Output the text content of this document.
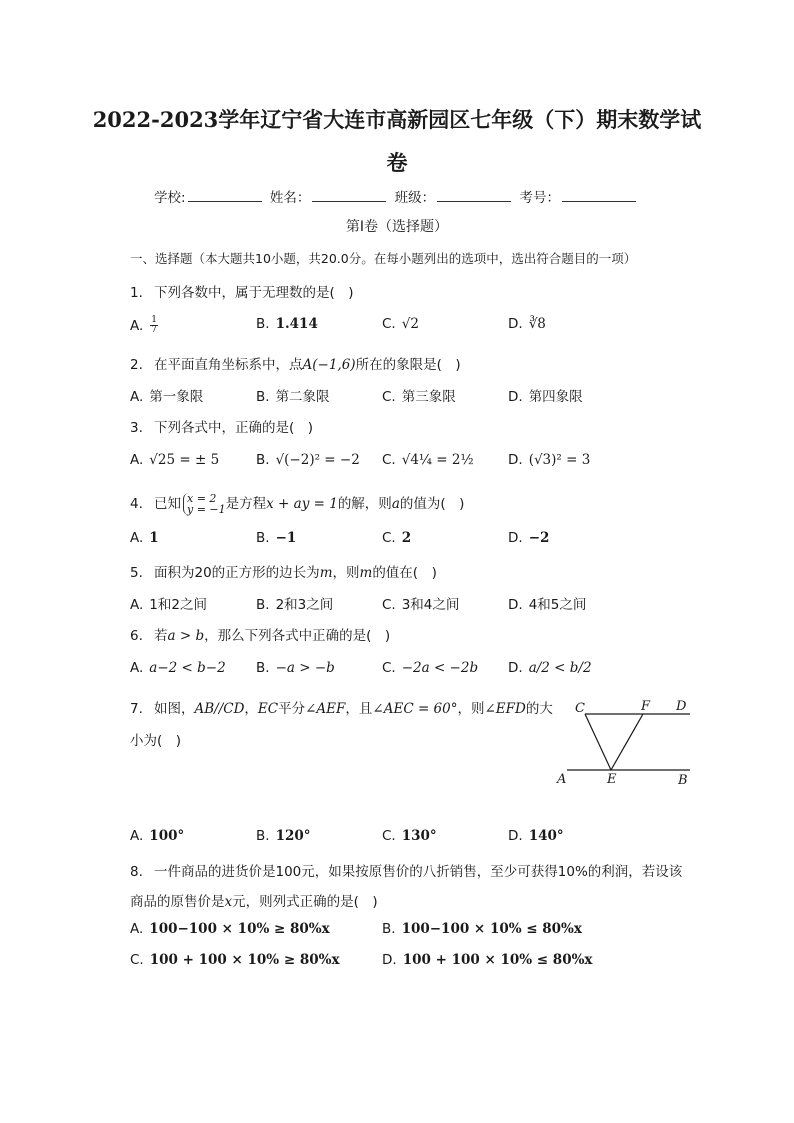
2022-2023学年辽宁省大连市高新园区七年级（下）期末数学试
卷
学校:	姓名：	班级：	考号：
第I卷（选择题）
一、选择题（本大题共10小题，共20.0分。在每小题列出的选项中，选出符合题目的一项）
1. 下列各数中，属于无理数的是( )
A. $\frac{1}{7}$	B. 1.414	C. √2	D. ∛8
2. 在平面直角坐标系中，点A(−1,6)所在的象限是( )
A. 第一象限	B. 第二象限	C. 第三象限	D. 第四象限
3. 下列各式中，正确的是( )
A. √25 = ± 5	B. √(−2)² = −2 C. √4¼ = 2½	D. (√3)² = 3
4. 已知 x = 2
y = −1 是方程x + ay = 1的解，则a的值为( )
A. 1	B. −1	C. 2	D. −2
5. 面积为20的正方形的边长为m，则m的值在( )
A. 1和2之间	B. 2和3之间	C. 3和4之间	D. 4和5之间
6. 若a > b，那么下列各式中正确的是( )
A. a−2 < b−2 B. −a > −b	C. −2a < −2b D. a/2 < b/2
7. 如图，AB//CD，EC平分∠AEF，且∠AEC = 60°，则∠EFD的大
小为( )
C	F D
A	E	B
A. 100°	B. 120°	C. 130°	D. 140°
8. 一件商品的进货价是100元，如果按原售价的八折销售，至少可获得10%的利润，若设该
商品的原售价是x元，则列式正确的是( )
A. 100−100 × 10% ≥ 80%x	B. 100−100 × 10% ≤ 80%x
C. 100 + 100 × 10% ≥ 80%x	D. 100 + 100 × 10% ≤ 80%x
